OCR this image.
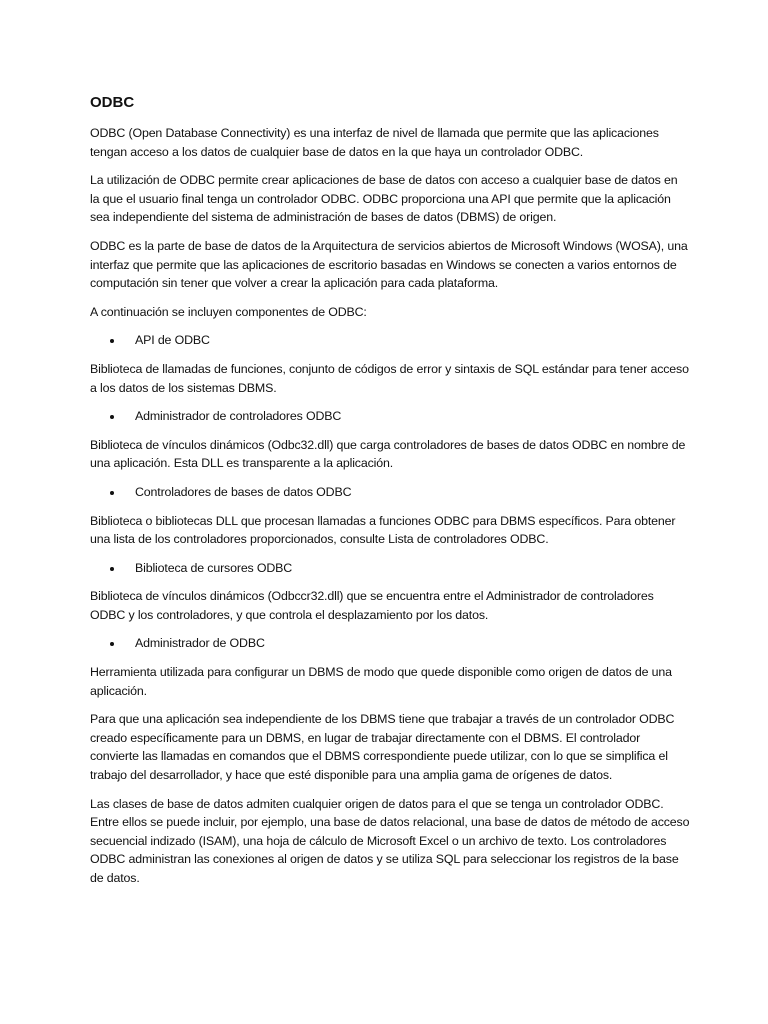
ODBC

ODBC (Open Database Connectivity) es una interfaz de nivel de llamada que permite que las aplicaciones tengan acceso a los datos de cualquier base de datos en la que haya un controlador ODBC.

La utilización de ODBC permite crear aplicaciones de base de datos con acceso a cualquier base de datos en la que el usuario final tenga un controlador ODBC. ODBC proporciona una API que permite que la aplicación sea independiente del sistema de administración de bases de datos (DBMS) de origen.

ODBC es la parte de base de datos de la Arquitectura de servicios abiertos de Microsoft Windows (WOSA), una interfaz que permite que las aplicaciones de escritorio basadas en Windows se conecten a varios entornos de computación sin tener que volver a crear la aplicación para cada plataforma.

A continuación se incluyen componentes de ODBC:

API de ODBC

Biblioteca de llamadas de funciones, conjunto de códigos de error y sintaxis de SQL estándar para tener acceso a los datos de los sistemas DBMS.

Administrador de controladores ODBC

Biblioteca de vínculos dinámicos (Odbc32.dll) que carga controladores de bases de datos ODBC en nombre de una aplicación. Esta DLL es transparente a la aplicación.

Controladores de bases de datos ODBC

Biblioteca o bibliotecas DLL que procesan llamadas a funciones ODBC para DBMS específicos. Para obtener una lista de los controladores proporcionados, consulte Lista de controladores ODBC.

Biblioteca de cursores ODBC

Biblioteca de vínculos dinámicos (Odbccr32.dll) que se encuentra entre el Administrador de controladores ODBC y los controladores, y que controla el desplazamiento por los datos.

Administrador de ODBC

Herramienta utilizada para configurar un DBMS de modo que quede disponible como origen de datos de una aplicación.

Para que una aplicación sea independiente de los DBMS tiene que trabajar a través de un controlador ODBC creado específicamente para un DBMS, en lugar de trabajar directamente con el DBMS. El controlador convierte las llamadas en comandos que el DBMS correspondiente puede utilizar, con lo que se simplifica el trabajo del desarrollador, y hace que esté disponible para una amplia gama de orígenes de datos.

Las clases de base de datos admiten cualquier origen de datos para el que se tenga un controlador ODBC. Entre ellos se puede incluir, por ejemplo, una base de datos relacional, una base de datos de método de acceso secuencial indizado (ISAM), una hoja de cálculo de Microsoft Excel o un archivo de texto. Los controladores ODBC administran las conexiones al origen de datos y se utiliza SQL para seleccionar los registros de la base de datos.
